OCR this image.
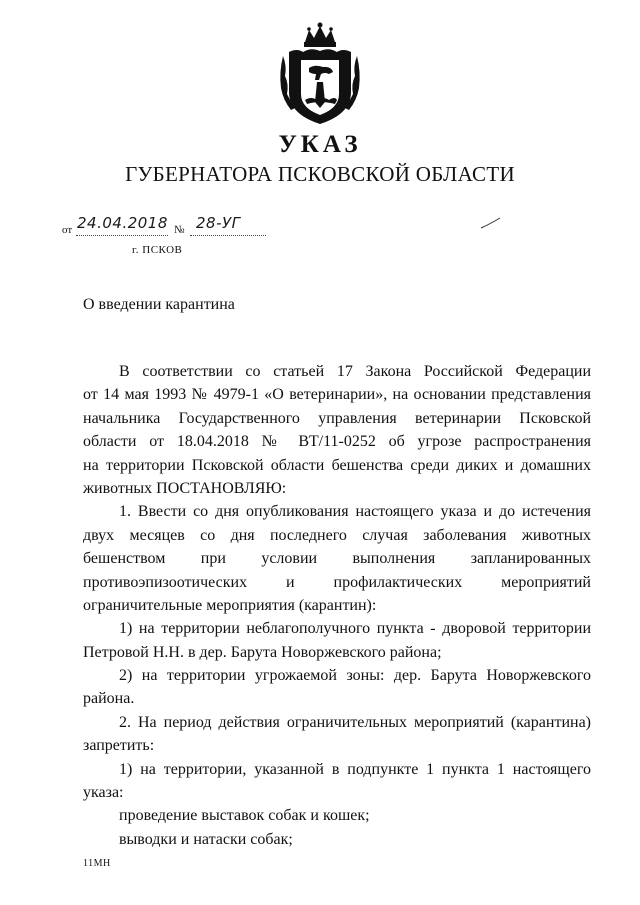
УКАЗ
ГУБЕРНАТОРА ПСКОВСКОЙ ОБЛАСТИ
от 24.04.2018 № 28-УГ
г. ПСКОВ
О введении карантина
В соответствии со статьей 17 Закона Российской Федерации
от 14 мая 1993 № 4979-1 «О ветеринарии», на основании представления
начальника Государственного управления ветеринарии Псковской
области от 18.04.2018 № ВТ/11-0252 об угрозе распространения
на территории Псковской области бешенства среди диких и домашних
животных ПОСТАНОВЛЯЮ:
1. Ввести со дня опубликования настоящего указа и до истечения
двух месяцев со дня последнего случая заболевания животных
бешенством при условии выполнения запланированных
противоэпизоотических и профилактических мероприятий
ограничительные мероприятия (карантин):
1) на территории неблагополучного пункта - дворовой территории
Петровой Н.Н. в дер. Барута Новоржевского района;
2) на территории угрожаемой зоны: дер. Барута Новоржевского
района.
2. На период действия ограничительных мероприятий (карантина)
запретить:
1) на территории, указанной в подпункте 1 пункта 1 настоящего
указа:
проведение выставок собак и кошек;
выводки и натаски собак;
11МН
